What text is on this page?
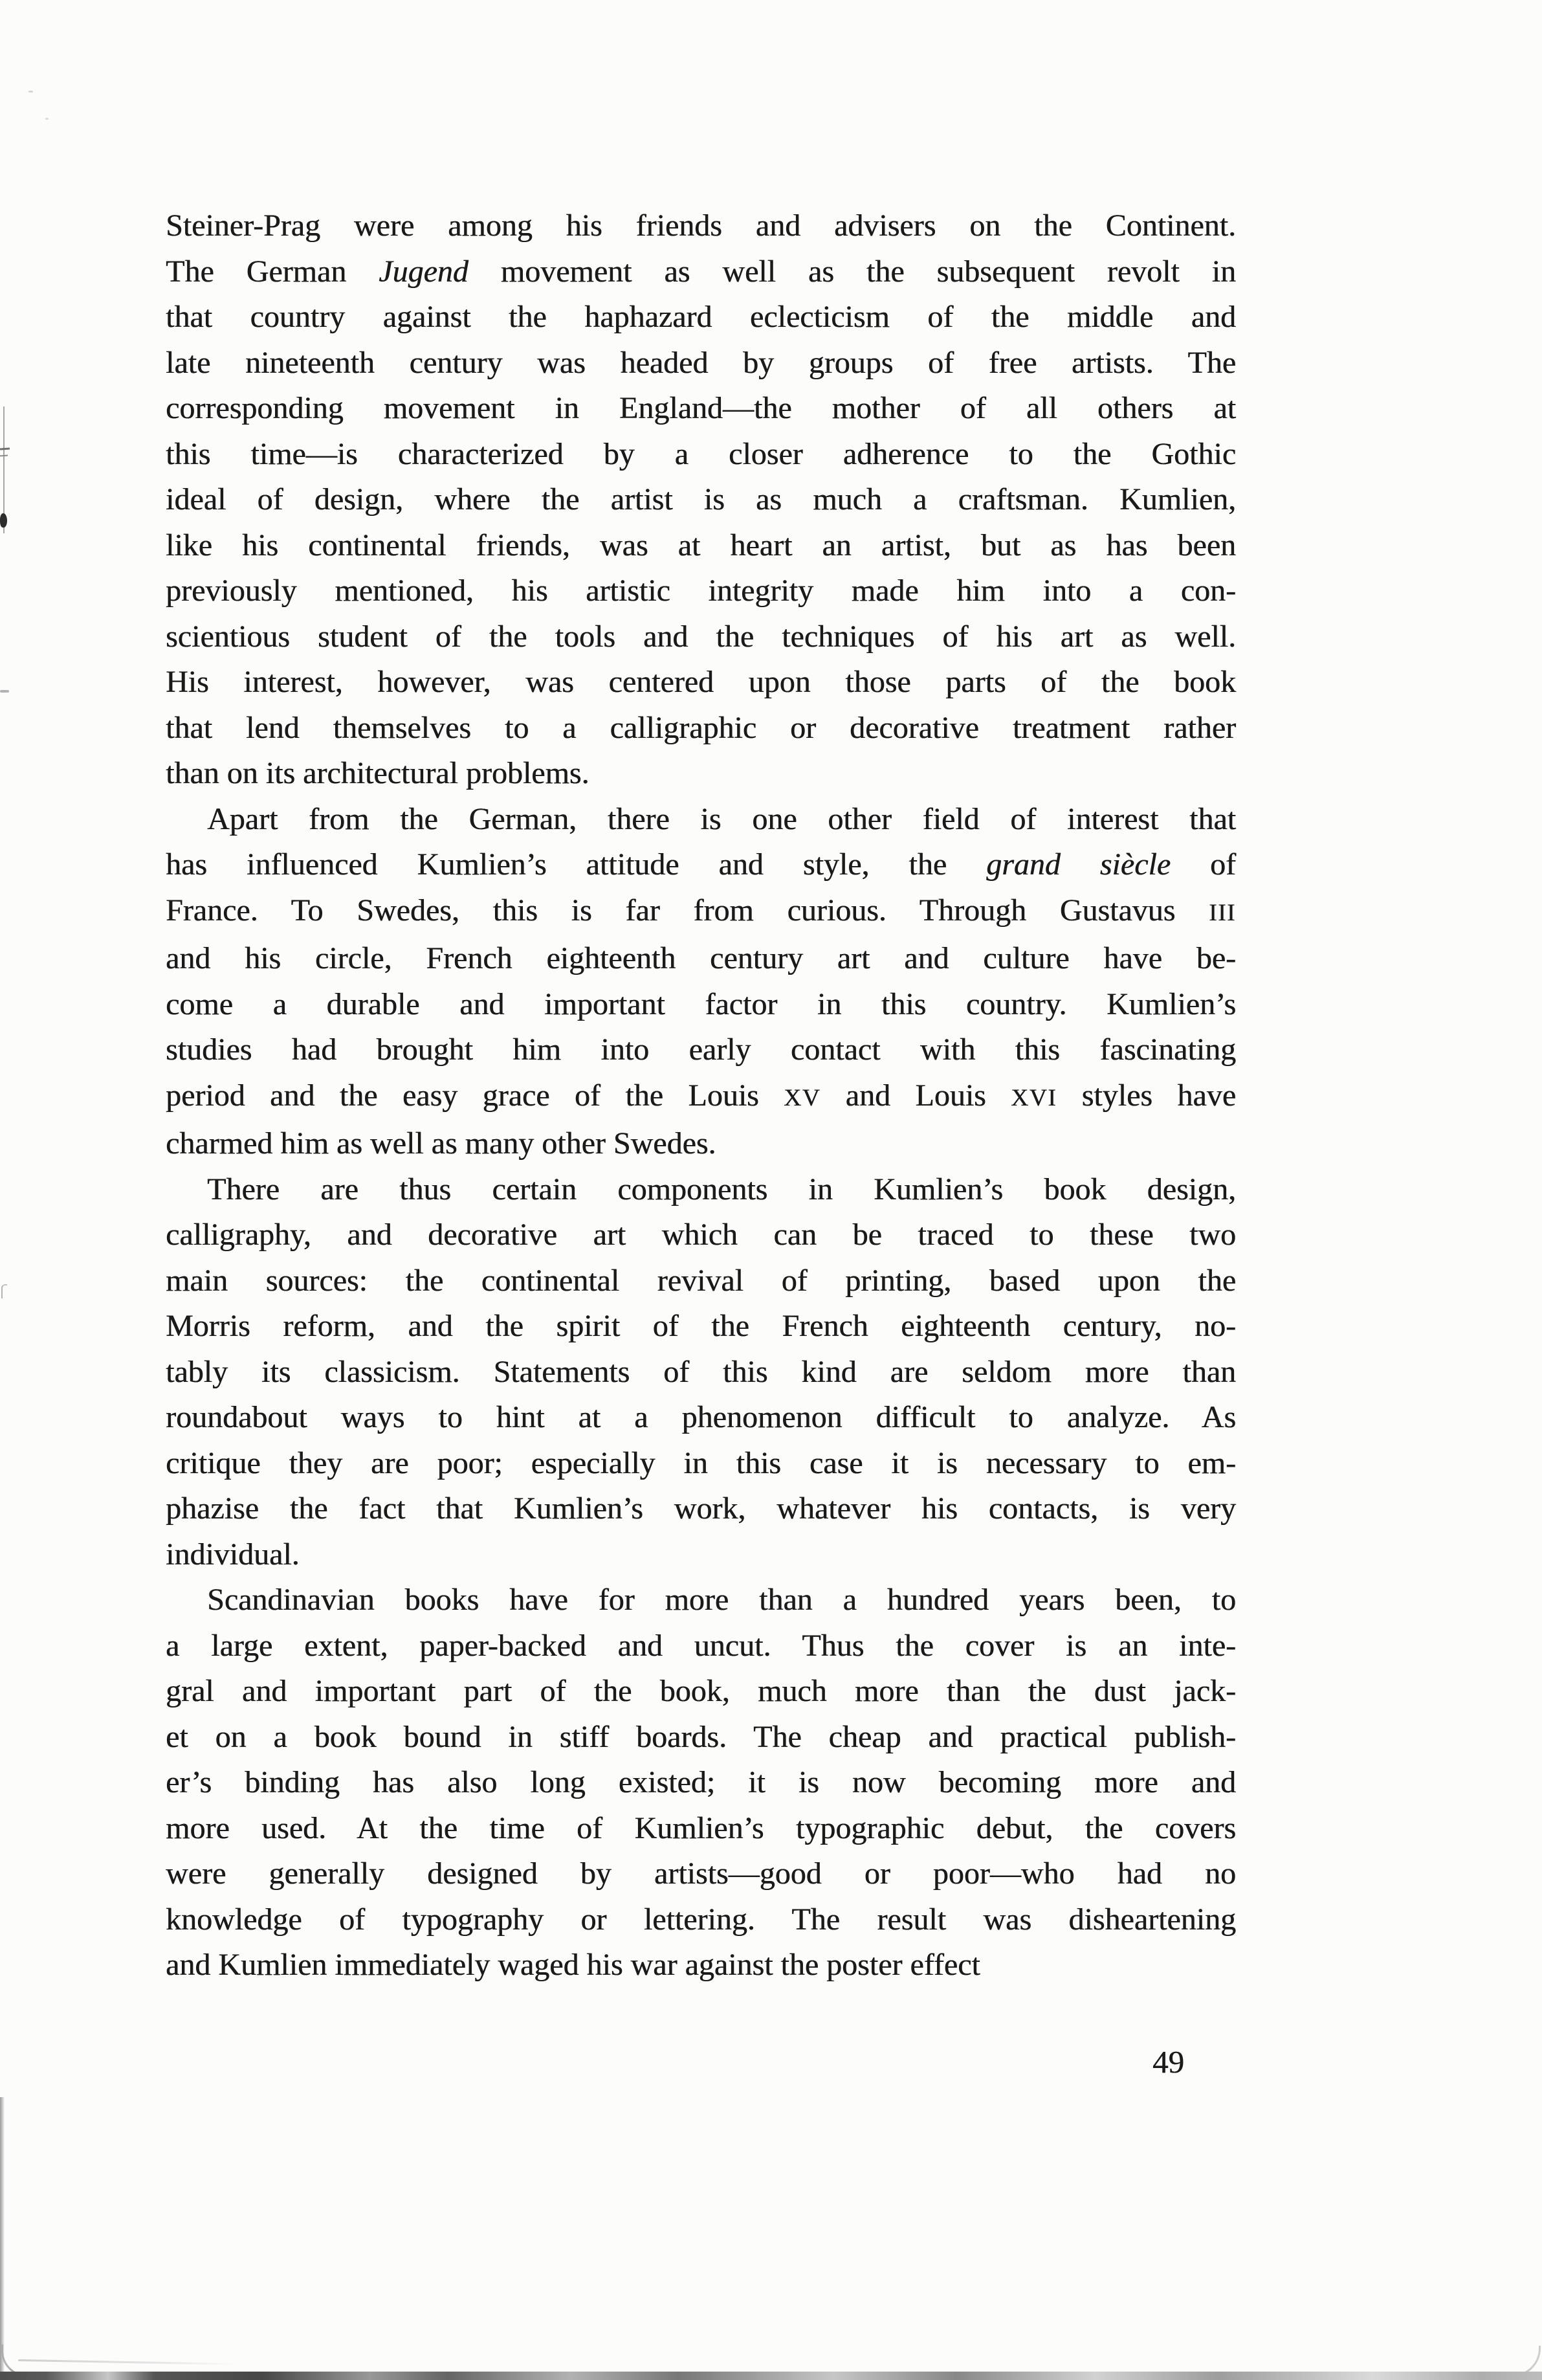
Steiner-Prag were among his friends and advisers on the Continent.
The German Jugend movement as well as the subsequent revolt in
that country against the haphazard eclecticism of the middle and
late nineteenth century was headed by groups of free artists. The
corresponding movement in England—the mother of all others at
this time—is characterized by a closer adherence to the Gothic
ideal of design, where the artist is as much a craftsman. Kumlien,
like his continental friends, was at heart an artist, but as has been
previously mentioned, his artistic integrity made him into a con-
scientious student of the tools and the techniques of his art as well.
His interest, however, was centered upon those parts of the book
that lend themselves to a calligraphic or decorative treatment rather
than on its architectural problems.
Apart from the German, there is one other field of interest that
has influenced Kumlien’s attitude and style, the grand siècle of
France. To Swedes, this is far from curious. Through Gustavus III
and his circle, French eighteenth century art and culture have be-
come a durable and important factor in this country. Kumlien’s
studies had brought him into early contact with this fascinating
period and the easy grace of the Louis XV and Louis XVI styles have
charmed him as well as many other Swedes.
There are thus certain components in Kumlien’s book design,
calligraphy, and decorative art which can be traced to these two
main sources: the continental revival of printing, based upon the
Morris reform, and the spirit of the French eighteenth century, no-
tably its classicism. Statements of this kind are seldom more than
roundabout ways to hint at a phenomenon difficult to analyze. As
critique they are poor; especially in this case it is necessary to em-
phazise the fact that Kumlien’s work, whatever his contacts, is very
individual.
Scandinavian books have for more than a hundred years been, to
a large extent, paper-backed and uncut. Thus the cover is an inte-
gral and important part of the book, much more than the dust jack-
et on a book bound in stiff boards. The cheap and practical publish-
er’s binding has also long existed; it is now becoming more and
more used. At the time of Kumlien’s typographic debut, the covers
were generally designed by artists—good or poor—who had no
knowledge of typography or lettering. The result was disheartening
and Kumlien immediately waged his war against the poster effect
49
